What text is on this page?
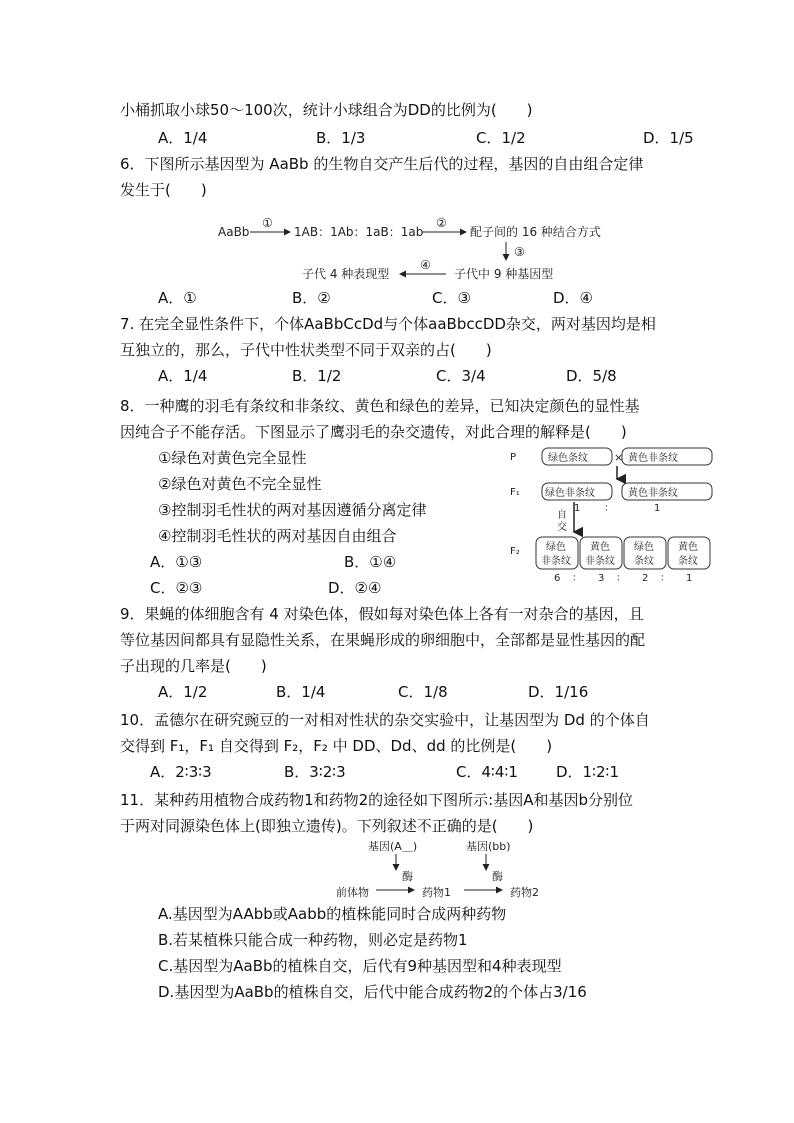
小桶抓取小球50～100次，统计小球组合为DD的比例为(　　)
A．1/4	B．1/3	C．1/2	D．1/5
6．下图所示基因型为 AaBb 的生物自交产生后代的过程，基因的自由组合定律
发生于(　　)
AaBb
①
1AB：1Ab：1aB：1ab
②
配子间的 16 种结合方式
③
子代中 9 种基因型
④
子代 4 种表现型
A．①	B．②	C．③	D．④
7. 在完全显性条件下，个体AaBbCcDd与个体aaBbccDD杂交，两对基因均是相
互独立的，那么，子代中性状类型不同于双亲的占(　　)
A．1/4	B．1/2	C．3/4	D．5/8
8．一种鹰的羽毛有条纹和非条纹、黄色和绿色的差异，已知决定颜色的显性基
因纯合子不能存活。下图显示了鹰羽毛的杂交遗传，对此合理的解释是(　　)
①绿色对黄色完全显性
②绿色对黄色不完全显性
③控制羽毛性状的两对基因遵循分离定律
④控制羽毛性状的两对基因自由组合
A．①③	B．①④
C．②③	D．②④
P	绿色条纹 × 黄色非条纹
F₁	绿色非条纹	黄色非条纹
1 ：	1
自
交
F₂	绿色
非条纹
黄色
非条纹
绿色
条纹
黄色
条纹
6 ： 3 ： 2 ： 1
9．果蝇的体细胞含有 4 对染色体，假如每对染色体上各有一对杂合的基因，且
等位基因间都具有显隐性关系，在果蝇形成的卵细胞中，全部都是显性基因的配
子出现的几率是(　　)
A．1/2	B．1/4	C．1/8	D．1/16
10．孟德尔在研究豌豆的一对相对性状的杂交实验中，让基因型为 Dd 的个体自
交得到 F₁，F₁ 自交得到 F₂，F₂ 中 DD、Dd、dd 的比例是(　　)
A．2∶3∶3	B．3∶2∶3	C．4∶4∶1	D．1∶2∶1
11．某种药用植物合成药物1和药物2的途径如下图所示:基因A和基因b分别位
于两对同源染色体上(即独立遗传)。下列叙述不正确的是(　　)
基因(A＿)	基因(bb)
酶	酶
前体物	药物1	药物2
A.基因型为AAbb或Aabb的植株能同时合成两种药物
B.若某植株只能合成一种药物，则必定是药物1
C.基因型为AaBb的植株自交，后代有9种基因型和4种表现型
D.基因型为AaBb的植株自交，后代中能合成药物2的个体占3/16
